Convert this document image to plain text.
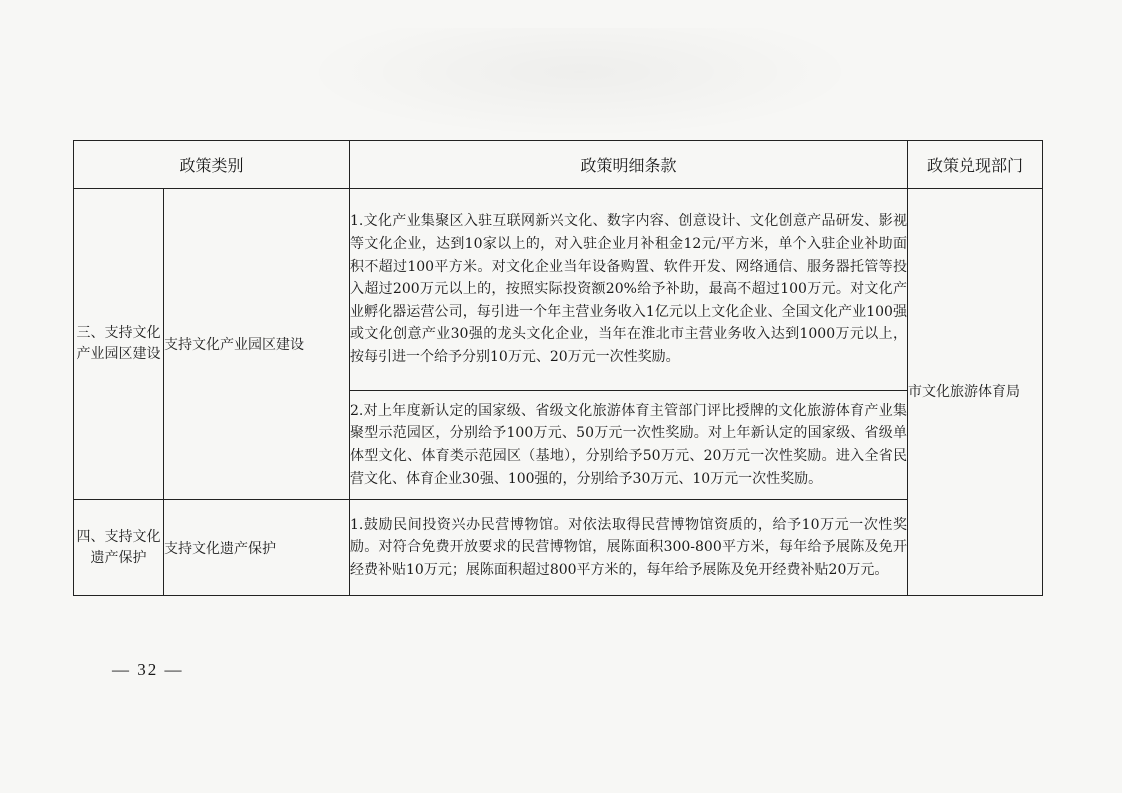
政策类别		政策明细条款	政策兑现部门
三、支持文化产业园区建设	支持文化产业园区建设	1.文化产业集聚区入驻互联网新兴文化、数字内容、创意设计、文化创意产品研发、影视等文化企业，达到10家以上的，对入驻企业月补租金12元/平方米，单个入驻企业补助面积不超过100平方米。对文化企业当年设备购置、软件开发、网络通信、服务器托管等投入超过200万元以上的，按照实际投资额20%给予补助，最高不超过100万元。对文化产业孵化器运营公司，每引进一个年主营业务收入1亿元以上文化企业、全国文化产业100强或文化创意产业30强的龙头文化企业，当年在淮北市主营业务收入达到1000万元以上，按每引进一个给予分别10万元、20万元一次性奖励。	市文化旅游体育局
		2.对上年度新认定的国家级、省级文化旅游体育主管部门评比授牌的文化旅游体育产业集聚型示范园区，分别给予100万元、50万元一次性奖励。对上年新认定的国家级、省级单体型文化、体育类示范园区（基地），分别给予50万元、20万元一次性奖励。进入全省民营文化、体育企业30强、100强的，分别给予30万元、10万元一次性奖励。	
四、支持文化遗产保护	支持文化遗产保护	1.鼓励民间投资兴办民营博物馆。对依法取得民营博物馆资质的，给予10万元一次性奖励。对符合免费开放要求的民营博物馆，展陈面积300-800平方米，每年给予展陈及免开经费补贴10万元；展陈面积超过800平方米的，每年给予展陈及免开经费补贴20万元。	
— 32 —
